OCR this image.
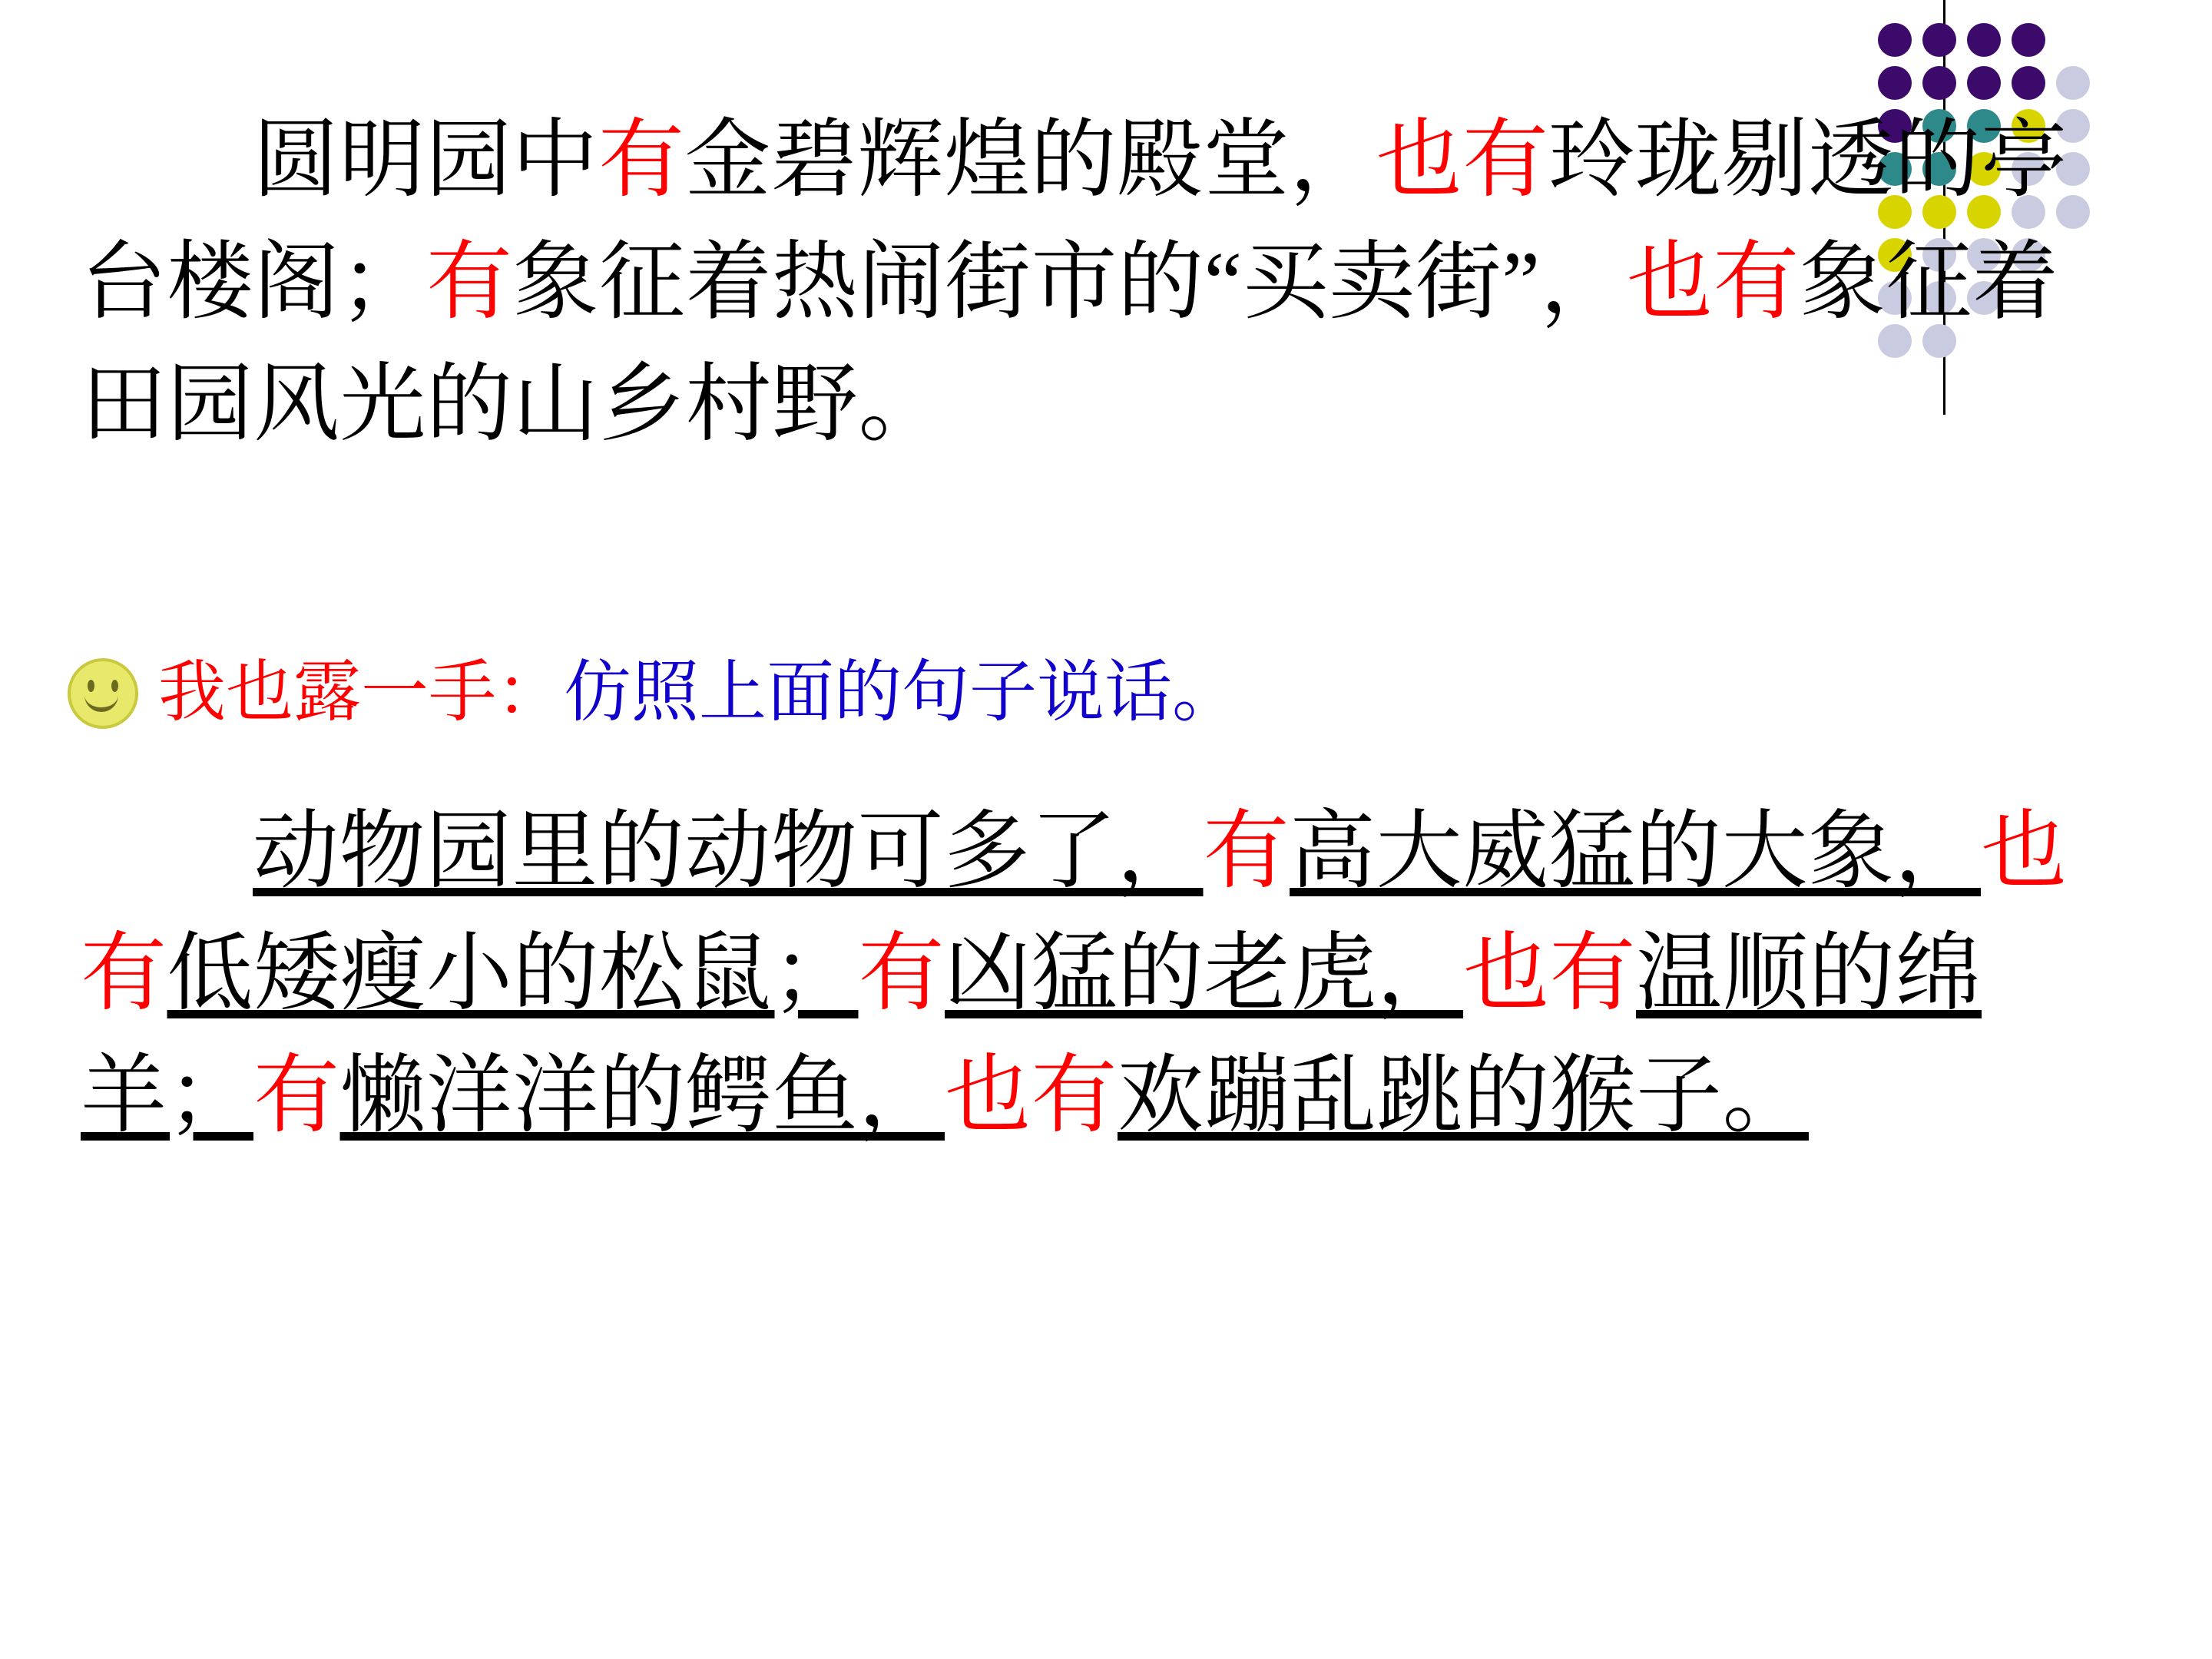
圆明园中有金碧辉煌的殿堂，也有玲珑剔透的亭台楼阁；有象征着热闹街市的“买卖街”，也有象征着田园风光的山乡村野。
我也露一手：仿照上面的句子说话。
动物园里的动物可多了，有高大威猛的大象，也有低矮瘦小的松鼠；有凶猛的老虎，也有温顺的绵羊；有懒洋洋的鳄鱼，也有欢蹦乱跳的猴子。
